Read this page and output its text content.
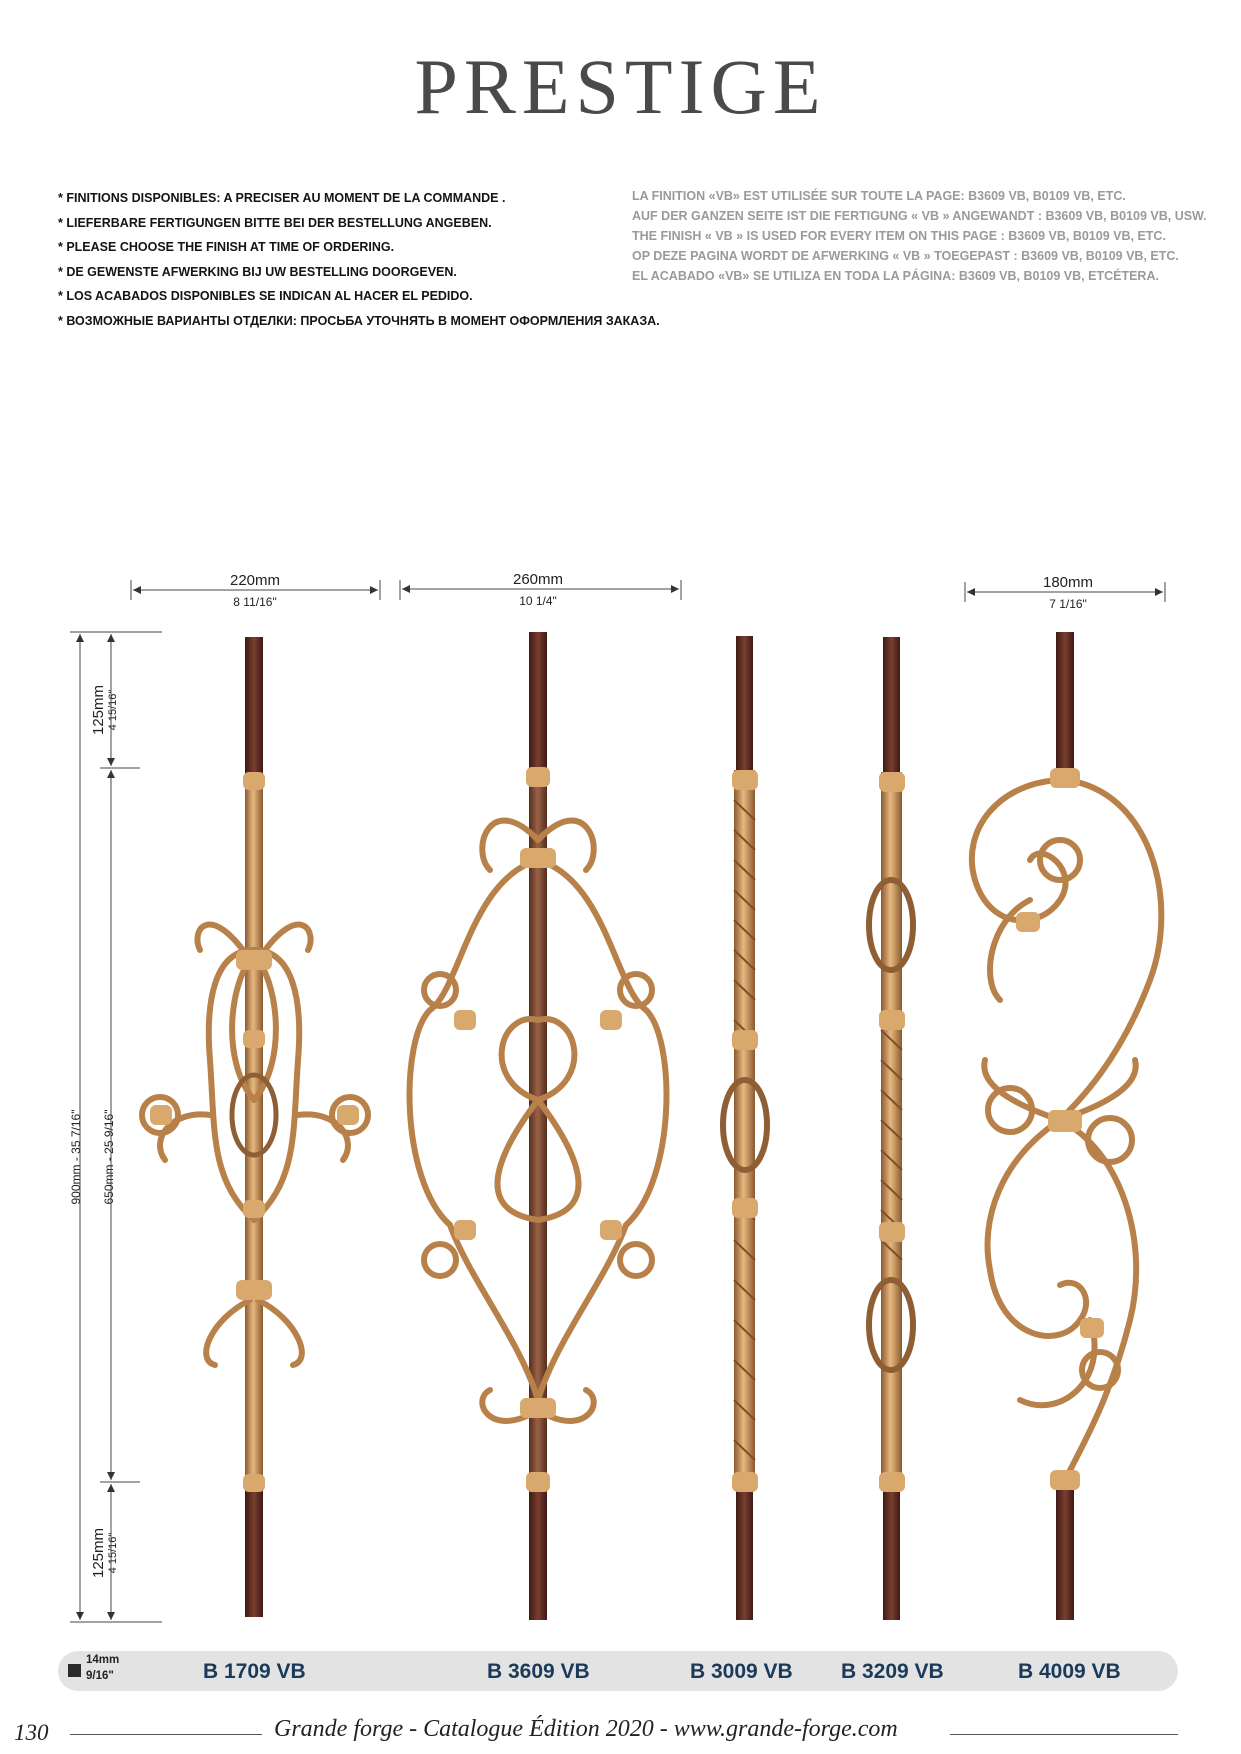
PRESTIGE
* FINITIONS DISPONIBLES: A PRECISER AU MOMENT DE LA COMMANDE .
* LIEFERBARE FERTIGUNGEN BITTE BEI DER BESTELLUNG ANGEBEN.
* PLEASE CHOOSE THE FINISH AT TIME OF ORDERING.
* DE GEWENSTE AFWERKING BIJ UW BESTELLING DOORGEVEN.
* LOS ACABADOS DISPONIBLES SE INDICAN AL HACER EL PEDIDO.
* ВОЗМОЖНЫЕ ВАРИАНТЫ ОТДЕЛКИ: ПРОСЬБА УТОЧНЯТЬ В МОМЕНТ ОФОРМЛЕНИЯ ЗАКАЗА.
LA FINITION «VB» EST UTILISÉE SUR TOUTE LA PAGE: B3609 VB, B0109 VB, ETC.
AUF DER GANZEN SEITE IST DIE FERTIGUNG « VB » ANGEWANDT : B3609 VB, B0109 VB, USW.
THE FINISH « VB » IS USED FOR EVERY ITEM ON THIS PAGE : B3609 VB, B0109 VB, ETC.
OP DEZE PAGINA WORDT DE AFWERKING « VB » TOEGEPAST : B3609 VB, B0109 VB, ETC.
EL ACABADO «VB» SE UTILIZA EN TODA LA PÁGINA: B3609 VB, B0109 VB, ETCÉTERA.
220mm
8 11/16"
260mm
10 1/4"
180mm
7 1/16"
125mm 4 15/16"
900mm - 35 7/16" 650mm - 25 9/16"
125mm 4 15/16"
14mm
9/16"	B 1709 VB	B 3609 VB	B 3009 VB B 3209 VB	B 4009 VB
130	Grande forge - Catalogue Édition 2020 - www.grande-forge.com
